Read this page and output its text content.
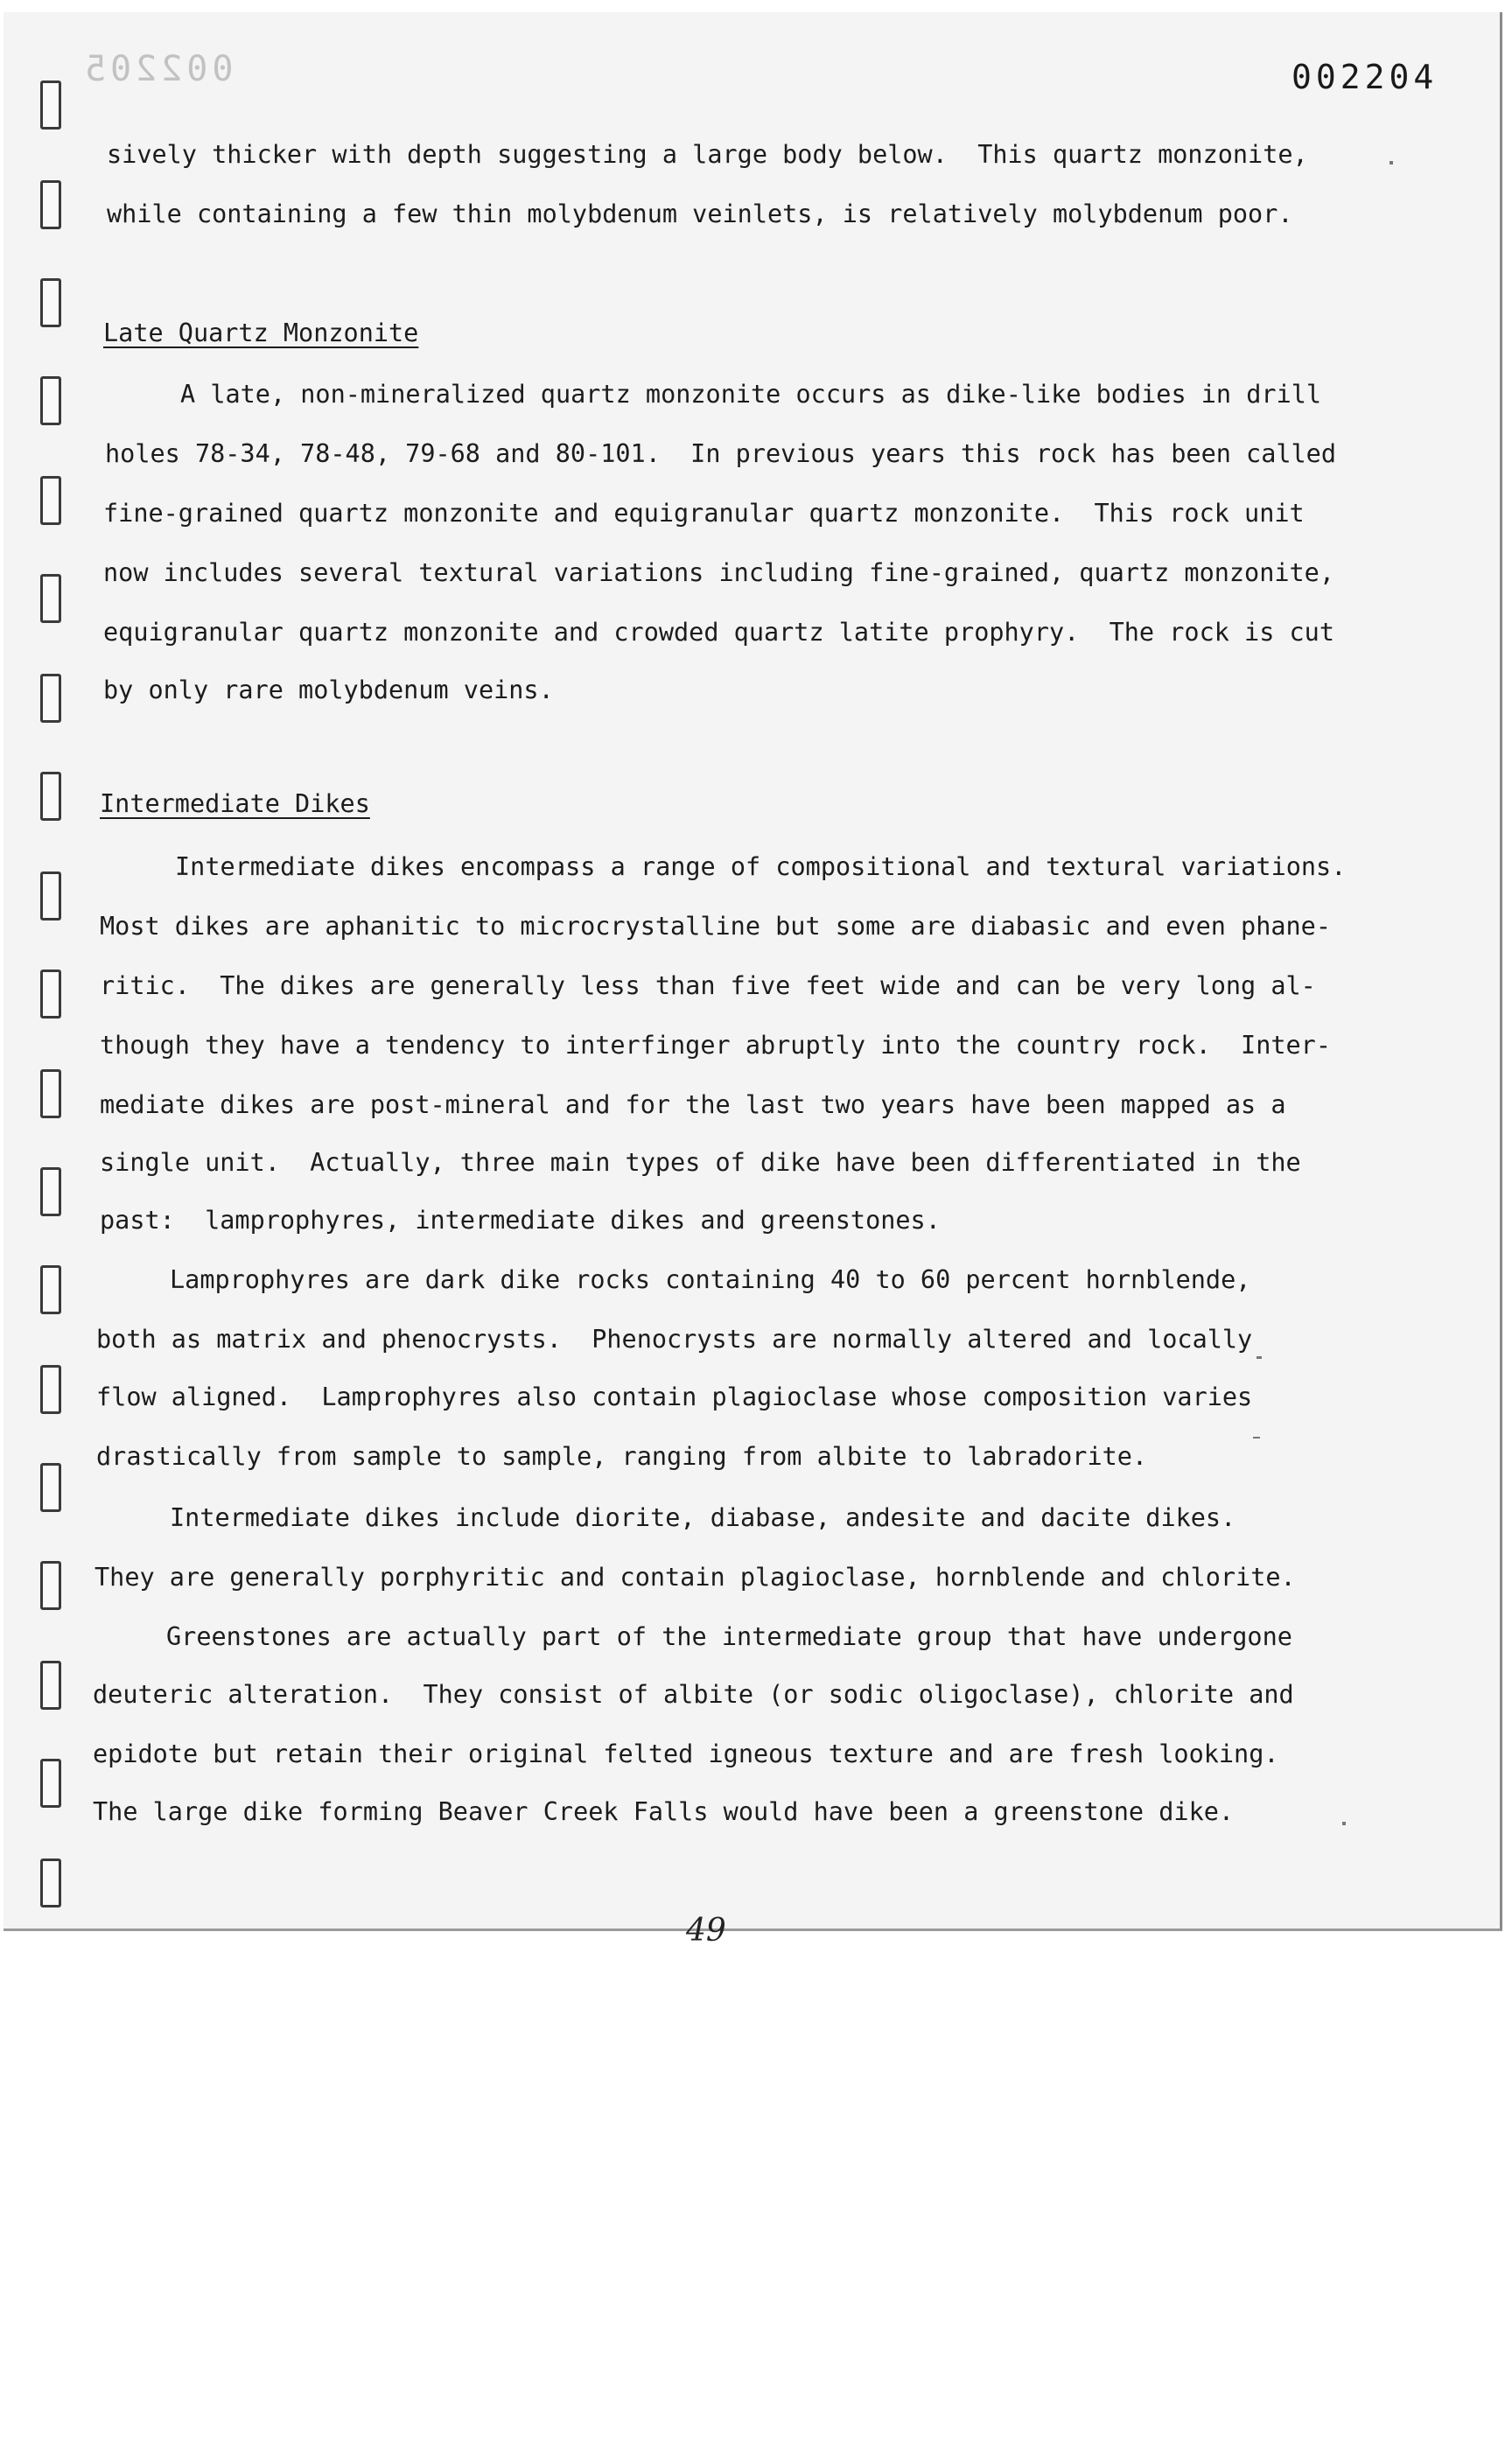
002205	002204
sively thicker with depth suggesting a large body below.  This quartz monzonite,
while containing a few thin molybdenum veinlets, is relatively molybdenum poor.
Late Quartz Monzonite
A late, non-mineralized quartz monzonite occurs as dike-like bodies in drill
holes 78-34, 78-48, 79-68 and 80-101.  In previous years this rock has been called
fine-grained quartz monzonite and equigranular quartz monzonite.  This rock unit
now includes several textural variations including fine-grained, quartz monzonite,
equigranular quartz monzonite and crowded quartz latite prophyry.  The rock is cut
by only rare molybdenum veins.
Intermediate Dikes
Intermediate dikes encompass a range of compositional and textural variations.
Most dikes are aphanitic to microcrystalline but some are diabasic and even phane-
ritic.  The dikes are generally less than five feet wide and can be very long al-
though they have a tendency to interfinger abruptly into the country rock.  Inter-
mediate dikes are post-mineral and for the last two years have been mapped as a
single unit.  Actually, three main types of dike have been differentiated in the
past:  lamprophyres, intermediate dikes and greenstones.
Lamprophyres are dark dike rocks containing 40 to 60 percent hornblende,
both as matrix and phenocrysts.  Phenocrysts are normally altered and locally
flow aligned.  Lamprophyres also contain plagioclase whose composition varies
drastically from sample to sample, ranging from albite to labradorite.
Intermediate dikes include diorite, diabase, andesite and dacite dikes.
They are generally porphyritic and contain plagioclase, hornblende and chlorite.
Greenstones are actually part of the intermediate group that have undergone
deuteric alteration.  They consist of albite (or sodic oligoclase), chlorite and
epidote but retain their original felted igneous texture and are fresh looking.
The large dike forming Beaver Creek Falls would have been a greenstone dike.
49
